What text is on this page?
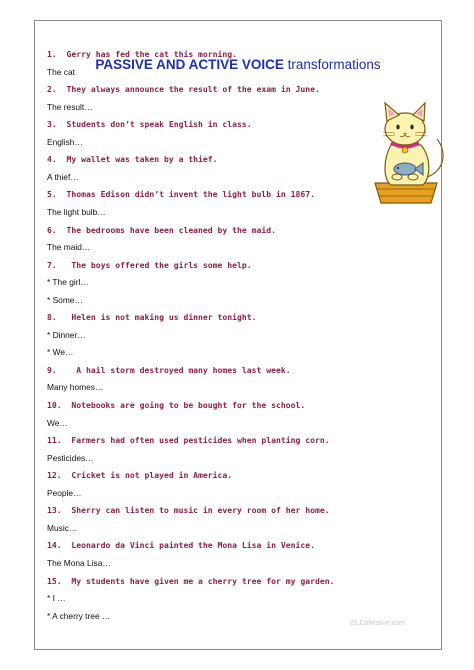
PASSIVE AND ACTIVE VOICE transformations
1.  Gerry has fed the cat this morning.
The cat
2.  They always announce the result of the exam in June.
The result…
3.  Students don’t speak English in class.
English…
4.  My wallet was taken by a thief.
A thief…
5.  Thomas Edison didn’t invent the light bulb in 1867.
The light bulb…
6.  The bedrooms have been cleaned by the maid.
The maid…
7.   The boys offered the girls some help.
* The girl…
* Some…
8.   Helen is not making us dinner tonight.
* Dinner…
* We…
9.    A hail storm destroyed many homes last week.
Many homes…
10.  Notebooks are going to be bought for the school.
We…
11.  Farmers had often used pesticides when planting corn.
Pesticides…
12.  Cricket is not played in America.
People…
13.  Sherry can listen to music in every room of her home.
Music…
14.  Leonardo da Vinci painted the Mona Lisa in Venice.
The Mona Lisa…
15.  My students have given me a cherry tree for my garden.
* I …
* A cherry tree …
iSLCollective.com
